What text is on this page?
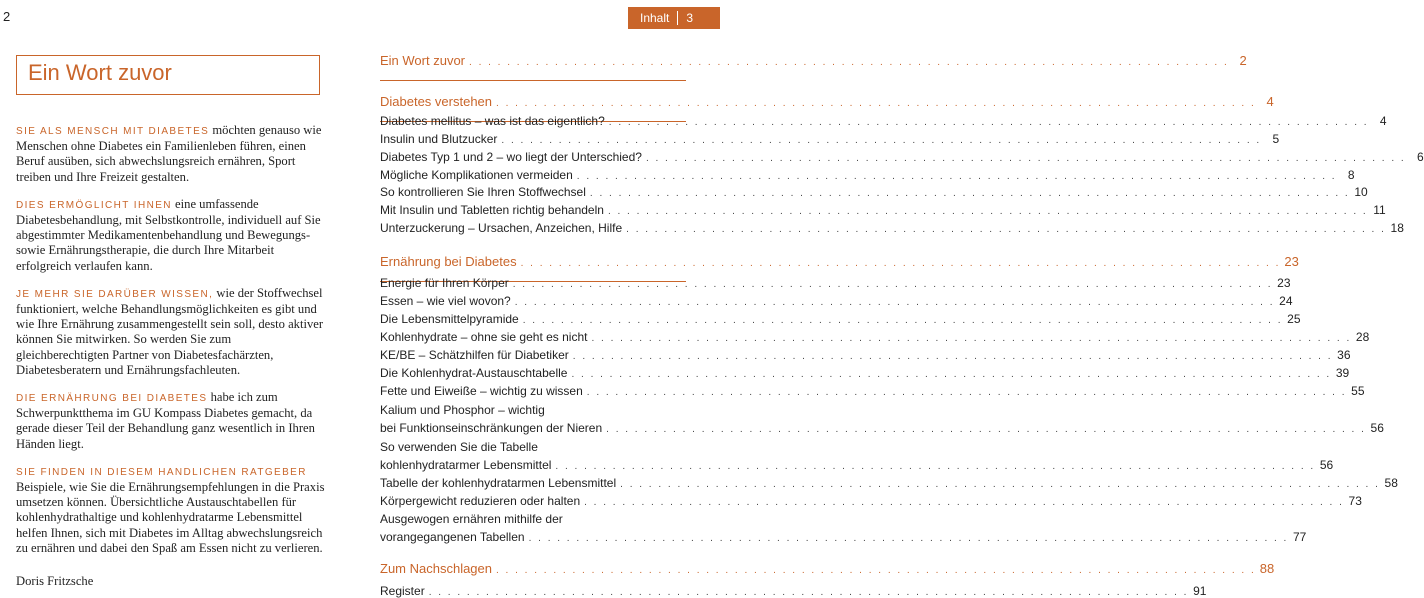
2	Inhalt 3
Ein Wort zuvor

SIE ALS MENSCH MIT DIABETES möchten genauso wie Menschen ohne Diabetes ein Familienleben führen, einen Beruf ausüben, sich abwechslungsreich ernähren, Sport treiben und Ihre Freizeit gestalten.

DIES ERMÖGLICHT IHNEN eine umfassende Diabetesbehandlung, mit Selbstkontrolle, individuell auf Sie abgestimmter Medikamentenbehandlung und Bewegungs- sowie Ernährungstherapie, die durch Ihre Mitarbeit erfolgreich verlaufen kann.

JE MEHR SIE DARÜBER WISSEN, wie der Stoffwechsel funktioniert, welche Behandlungsmöglichkeiten es gibt und wie Ihre Ernährung zusammengestellt sein soll, desto aktiver können Sie mitwirken. So werden Sie zum gleichberechtigten Partner von Diabetesfachärzten, Diabetesberatern und Ernährungsfachleuten.

DIE ERNÄHRUNG BEI DIABETES habe ich zum Schwerpunktthema im GU Kompass Diabetes gemacht, da gerade dieser Teil der Behandlung ganz wesentlich in Ihren Händen liegt.

SIE FINDEN IN DIESEM HANDLICHEN RATGEBER Beispiele, wie Sie die Ernährungsempfehlungen in die Praxis umsetzen können. Übersichtliche Austauschtabellen für kohlenhydrathaltige und kohlenhydratarme Lebensmittel helfen Ihnen, sich mit Diabetes im Alltag abwechslungsreich zu ernähren und dabei den Spaß am Essen nicht zu verlieren.

Doris Fritzsche
Ein Wort zuvor . . . . . . . . . . . . . . . . . . . . . . . . . . . . . . . . . . . . . . . . . . . . . . . . . . . . . . . . . . . . . . . . . . . . . . . . . . . . . . . . 2
Diabetes verstehen . . . . . . . . . . . . . . . . . . . . . . . . . . . . . . . . . . . . . . . . . . . . . . . . . . . . . . . . . . . . . . . . . . . . . . . . . . . . . . . . 4
Diabetes mellitus – was ist das eigentlich? . . . . . . . . . . . . . . . . . . . . . . . . . . . . . . . . . . . . . . . . . . . . . . . . . . . . . . . . . . . . . . . . . . . . . . . . . . . . . . . . 4
Insulin und Blutzucker . . . . . . . . . . . . . . . . . . . . . . . . . . . . . . . . . . . . . . . . . . . . . . . . . . . . . . . . . . . . . . . . . . . . . . . . . . . . . . . . 5
Diabetes Typ 1 und 2 – wo liegt der Unterschied? . . . . . . . . . . . . . . . . . . . . . . . . . . . . . . . . . . . . . . . . . . . . . . . . . . . . . . . . . . . . . . . . . . . . . . . . . . . . . . . . 6
Mögliche Komplikationen vermeiden . . . . . . . . . . . . . . . . . . . . . . . . . . . . . . . . . . . . . . . . . . . . . . . . . . . . . . . . . . . . . . . . . . . . . . . . . . . . . . . . 8
So kontrollieren Sie Ihren Stoffwechsel . . . . . . . . . . . . . . . . . . . . . . . . . . . . . . . . . . . . . . . . . . . . . . . . . . . . . . . . . . . . . . . . . . . . . . . . . . . . . . . . 10
Mit Insulin und Tabletten richtig behandeln . . . . . . . . . . . . . . . . . . . . . . . . . . . . . . . . . . . . . . . . . . . . . . . . . . . . . . . . . . . . . . . . . . . . . . . . . . . . . . . . 11
Unterzuckerung – Ursachen, Anzeichen, Hilfe . . . . . . . . . . . . . . . . . . . . . . . . . . . . . . . . . . . . . . . . . . . . . . . . . . . . . . . . . . . . . . . . . . . . . . . . . . . . . . . . 18
Ernährung bei Diabetes . . . . . . . . . . . . . . . . . . . . . . . . . . . . . . . . . . . . . . . . . . . . . . . . . . . . . . . . . . . . . . . . . . . . . . . . . . . . . . . . 23
Energie für Ihren Körper . . . . . . . . . . . . . . . . . . . . . . . . . . . . . . . . . . . . . . . . . . . . . . . . . . . . . . . . . . . . . . . . . . . . . . . . . . . . . . . . 23
Essen – wie viel wovon? . . . . . . . . . . . . . . . . . . . . . . . . . . . . . . . . . . . . . . . . . . . . . . . . . . . . . . . . . . . . . . . . . . . . . . . . . . . . . . . . 24
Die Lebensmittelpyramide . . . . . . . . . . . . . . . . . . . . . . . . . . . . . . . . . . . . . . . . . . . . . . . . . . . . . . . . . . . . . . . . . . . . . . . . . . . . . . . . 25
Kohlenhydrate – ohne sie geht es nicht . . . . . . . . . . . . . . . . . . . . . . . . . . . . . . . . . . . . . . . . . . . . . . . . . . . . . . . . . . . . . . . . . . . . . . . . . . . . . . . . 28
KE/BE – Schätzhilfen für Diabetiker . . . . . . . . . . . . . . . . . . . . . . . . . . . . . . . . . . . . . . . . . . . . . . . . . . . . . . . . . . . . . . . . . . . . . . . . . . . . . . . . 36
Die Kohlenhydrat-Austauschtabelle . . . . . . . . . . . . . . . . . . . . . . . . . . . . . . . . . . . . . . . . . . . . . . . . . . . . . . . . . . . . . . . . . . . . . . . . . . . . . . . . 39
Fette und Eiweiße – wichtig zu wissen . . . . . . . . . . . . . . . . . . . . . . . . . . . . . . . . . . . . . . . . . . . . . . . . . . . . . . . . . . . . . . . . . . . . . . . . . . . . . . . . 55
Kalium und Phosphor – wichtig
bei Funktionseinschränkungen der Nieren . . . . . . . . . . . . . . . . . . . . . . . . . . . . . . . . . . . . . . . . . . . . . . . . . . . . . . . . . . . . . . . . . . . . . . . . . . . . . . . . 56
So verwenden Sie die Tabelle
kohlenhydratarmer Lebensmittel . . . . . . . . . . . . . . . . . . . . . . . . . . . . . . . . . . . . . . . . . . . . . . . . . . . . . . . . . . . . . . . . . . . . . . . . . . . . . . . . 56
Tabelle der kohlenhydratarmen Lebensmittel . . . . . . . . . . . . . . . . . . . . . . . . . . . . . . . . . . . . . . . . . . . . . . . . . . . . . . . . . . . . . . . . . . . . . . . . . . . . . . . . 58
Körpergewicht reduzieren oder halten . . . . . . . . . . . . . . . . . . . . . . . . . . . . . . . . . . . . . . . . . . . . . . . . . . . . . . . . . . . . . . . . . . . . . . . . . . . . . . . . 73
Ausgewogen ernähren mithilfe der
vorangegangenen Tabellen . . . . . . . . . . . . . . . . . . . . . . . . . . . . . . . . . . . . . . . . . . . . . . . . . . . . . . . . . . . . . . . . . . . . . . . . . . . . . . . . 77
Zum Nachschlagen . . . . . . . . . . . . . . . . . . . . . . . . . . . . . . . . . . . . . . . . . . . . . . . . . . . . . . . . . . . . . . . . . . . . . . . . . . . . . . . . 88
Register . . . . . . . . . . . . . . . . . . . . . . . . . . . . . . . . . . . . . . . . . . . . . . . . . . . . . . . . . . . . . . . . . . . . . . . . . . . . . . . . 91
